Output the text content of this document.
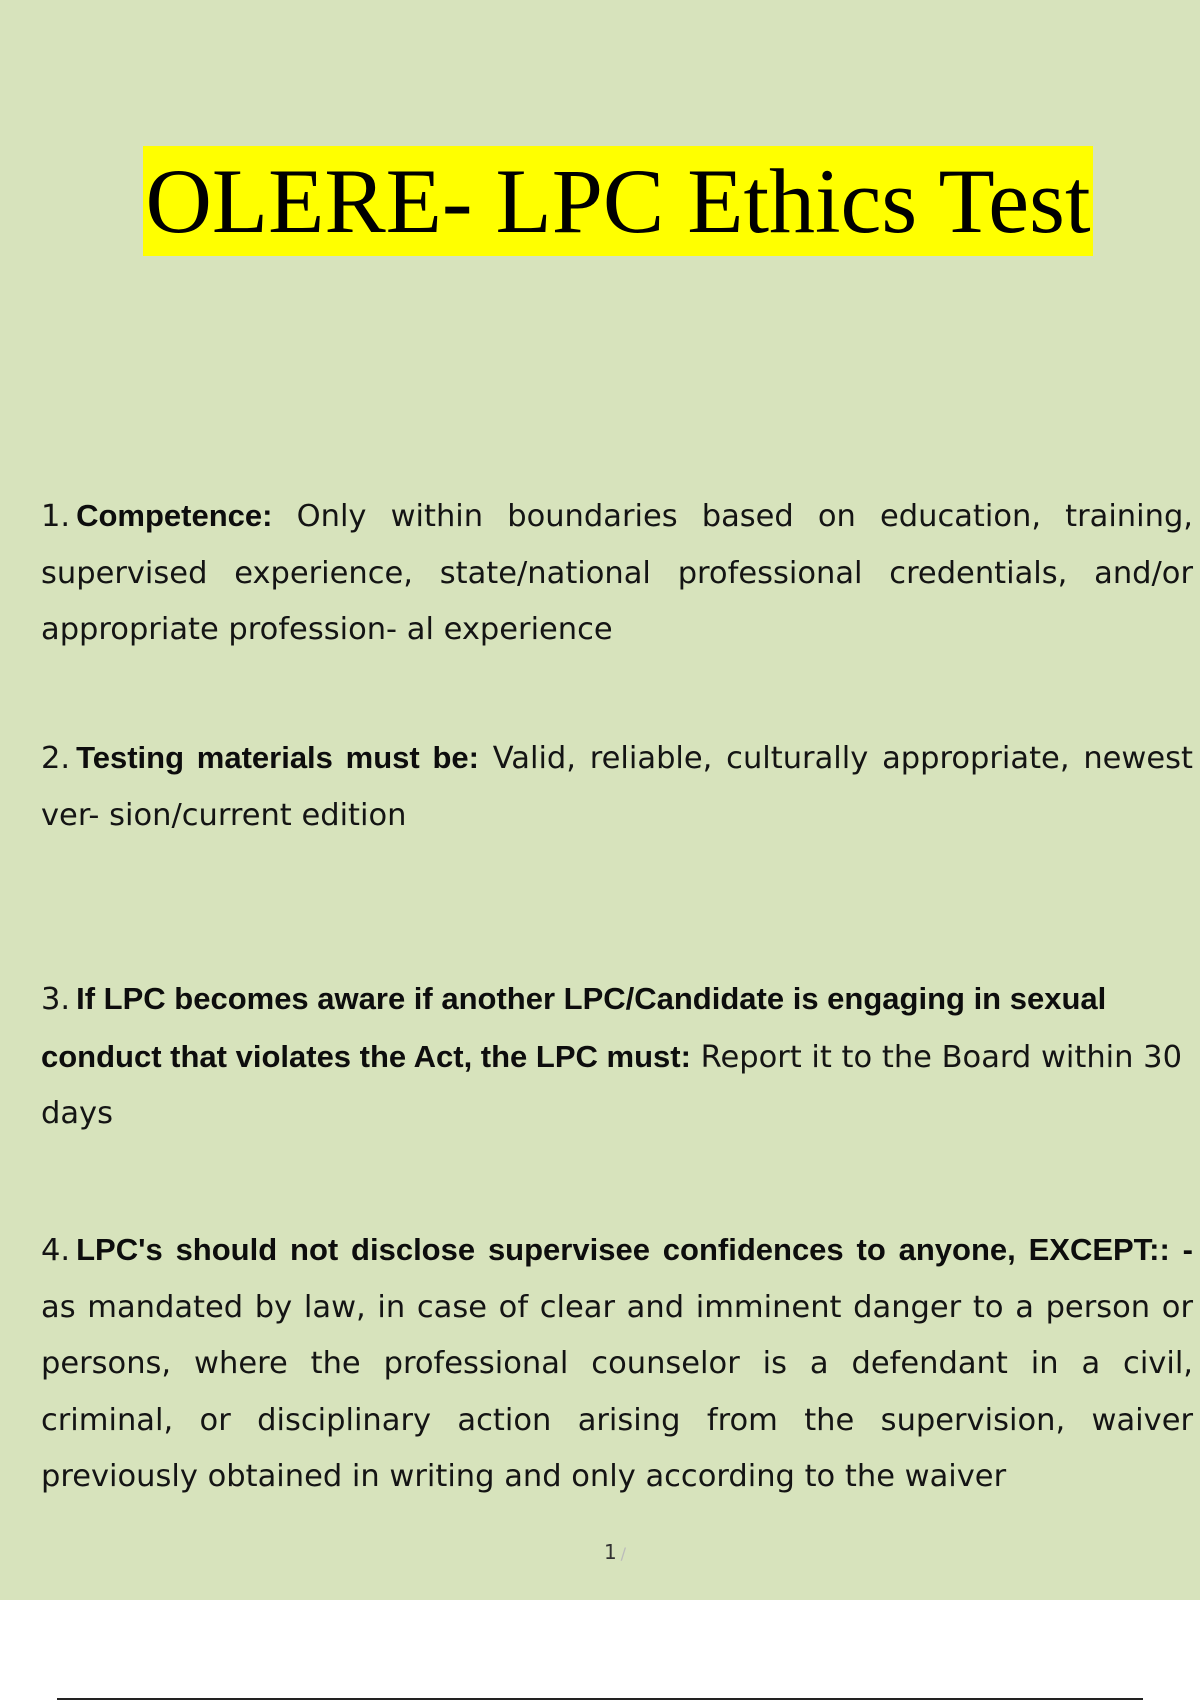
OLERE- LPC Ethics Test
1. Competence: Only within boundaries based on education, training, supervised experience, state/national professional credentials, and/or appropriate profession- al experience
2. Testing materials must be: Valid, reliable, culturally appropriate, newest ver- sion/current edition
3. If LPC becomes aware if another LPC/Candidate is engaging in sexual conduct that violates the Act, the LPC must: Report it to the Board within 30 days
4. LPC's should not disclose supervisee confidences to anyone, EXCEPT:: - as mandated by law, in case of clear and imminent danger to a person or persons, where the professional counselor is a defendant in a civil, criminal, or disciplinary action arising from the supervision, waiver previously obtained in writing and only according to the waiver
1 /
